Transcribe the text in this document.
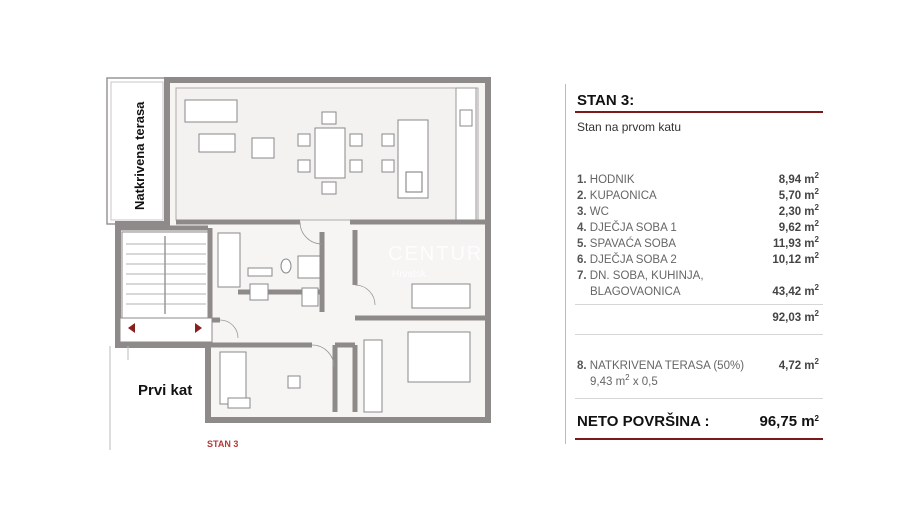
Natkrivena terasa
Prvi kat
STAN 3
CENTUR
Hrvatsk
STAN 3:
Stan na prvom katu
1. HODNIK	8,94 $m^2$
2. KUPAONICA	5,70 $m^2$
3. WC	2,30 $m^2$
4. DJEČJA SOBA 1	9,62 $m^2$
5. SPAVAĆA SOBA	11,93 $m^2$
6. DJEČJA SOBA 2	10,12 $m^2$
7. DN. SOBA, KUHINJA,
BLAGOVAONICA	43,42 $m^2$
92,03 $m^2$
8. NATKRIVENA TERASA (50%)	4,72 $m^2$
9,43 $m^2$ x 0,5
NETO POVRŠINA :	96,75 $m^2$
